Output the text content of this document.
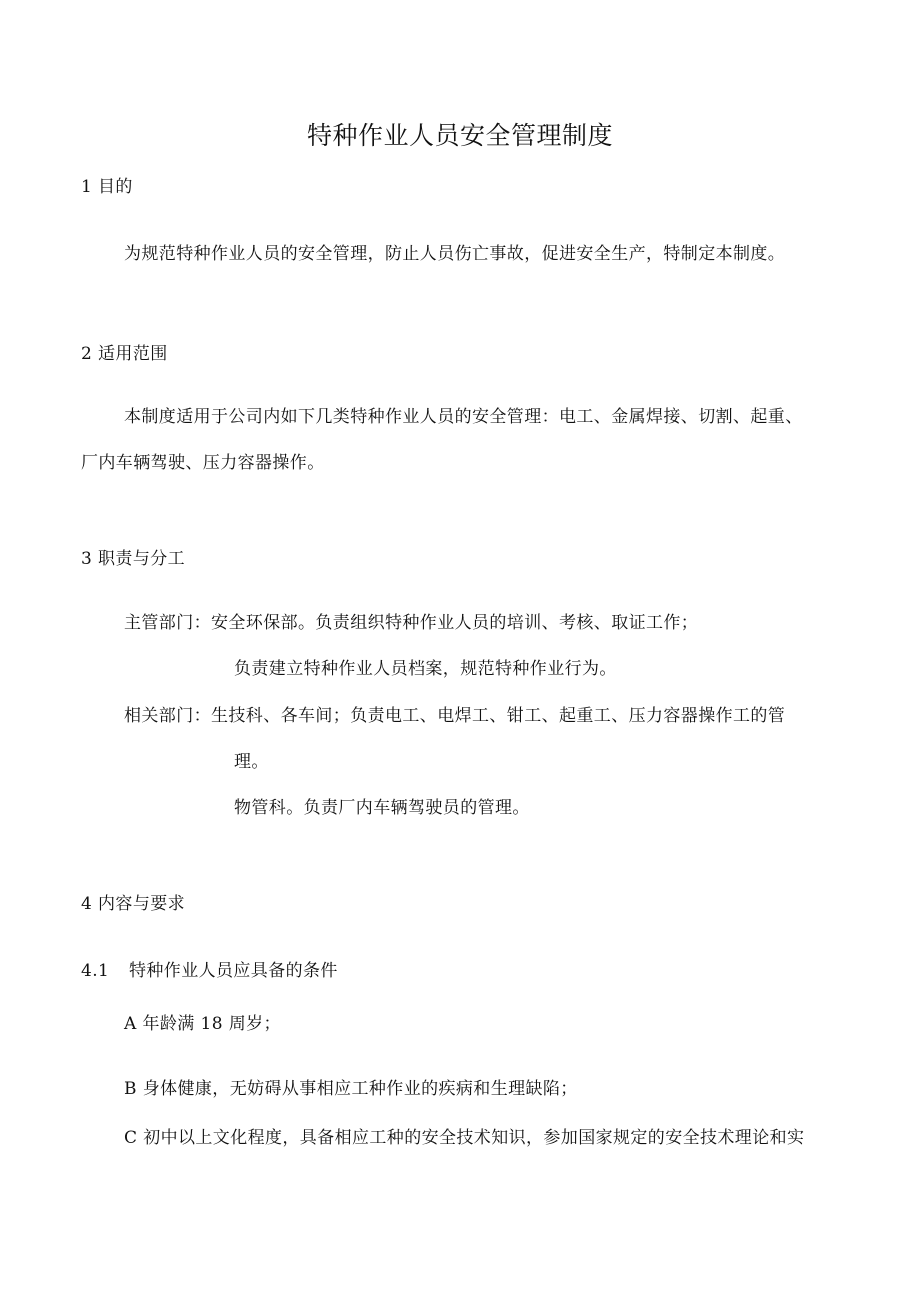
特种作业人员安全管理制度
1 目的
为规范特种作业人员的安全管理，防止人员伤亡事故，促进安全生产，特制定本制度。
2 适用范围
本制度适用于公司内如下几类特种作业人员的安全管理：电工、金属焊接、切割、起重、
厂内车辆驾驶、压力容器操作。
3 职责与分工
主管部门：安全环保部。负责组织特种作业人员的培训、考核、取证工作；
负责建立特种作业人员档案，规范特种作业行为。
相关部门：生技科、各车间；负责电工、电焊工、钳工、起重工、压力容器操作工的管
理。
物管科。负责厂内车辆驾驶员的管理。
4 内容与要求
4.1 特种作业人员应具备的条件
A 年龄满 18 周岁；
B 身体健康，无妨碍从事相应工种作业的疾病和生理缺陷；
C 初中以上文化程度，具备相应工种的安全技术知识，参加国家规定的安全技术理论和实
